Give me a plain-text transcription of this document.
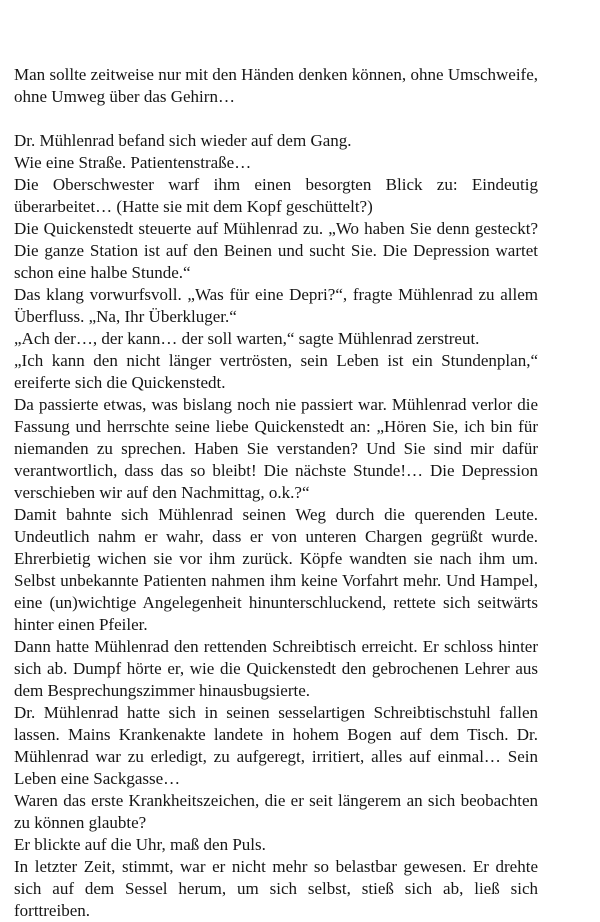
Man sollte zeitweise nur mit den Händen denken können, ohne Umschweife, ohne Umweg über das Gehirn…

Dr. Mühlenrad befand sich wieder auf dem Gang.

Wie eine Straße. Patientenstraße…

Die Oberschwester warf ihm einen besorgten Blick zu: Eindeutig überarbeitet… (Hatte sie mit dem Kopf geschüttelt?)

Die Quickenstedt steuerte auf Mühlenrad zu. „Wo haben Sie denn gesteckt? Die ganze Station ist auf den Beinen und sucht Sie. Die Depression wartet schon eine halbe Stunde.“

Das klang vorwurfsvoll. „Was für eine Depri?“, fragte Mühlenrad zu allem Überfluss. „Na, Ihr Überkluger.“

„Ach der…, der kann… der soll warten,“ sagte Mühlenrad zerstreut.

„Ich kann den nicht länger vertrösten, sein Leben ist ein Stundenplan,“ ereiferte sich die Quickenstedt.

Da passierte etwas, was bislang noch nie passiert war. Mühlenrad verlor die Fassung und herrschte seine liebe Quickenstedt an: „Hören Sie, ich bin für niemanden zu sprechen. Haben Sie verstanden? Und Sie sind mir dafür verantwortlich, dass das so bleibt! Die nächste Stunde!… Die Depression verschieben wir auf den Nachmittag, o.k.?“

Damit bahnte sich Mühlenrad seinen Weg durch die querenden Leute. Undeutlich nahm er wahr, dass er von unteren Chargen gegrüßt wurde. Ehrerbietig wichen sie vor ihm zurück. Köpfe wandten sie nach ihm um. Selbst unbekannte Patienten nahmen ihm keine Vorfahrt mehr. Und Hampel, eine (un)wichtige Angelegenheit hinunterschluckend, rettete sich seitwärts hinter einen Pfeiler.

Dann hatte Mühlenrad den rettenden Schreibtisch erreicht. Er schloss hinter sich ab. Dumpf hörte er, wie die Quickenstedt den gebrochenen Lehrer aus dem Besprechungszimmer hinausbugsierte.

Dr. Mühlenrad hatte sich in seinen sesselartigen Schreibtischstuhl fallen lassen. Mains Krankenakte landete in hohem Bogen auf dem Tisch. Dr. Mühlenrad war zu erledigt, zu aufgeregt, irritiert, alles auf einmal… Sein Leben eine Sackgasse…

Waren das erste Krankheitszeichen, die er seit längerem an sich beobachten zu können glaubte?

Er blickte auf die Uhr, maß den Puls.

In letzter Zeit, stimmt, war er nicht mehr so belastbar gewesen. Er drehte sich auf dem Sessel herum, um sich selbst, stieß sich ab, ließ sich forttreiben.
